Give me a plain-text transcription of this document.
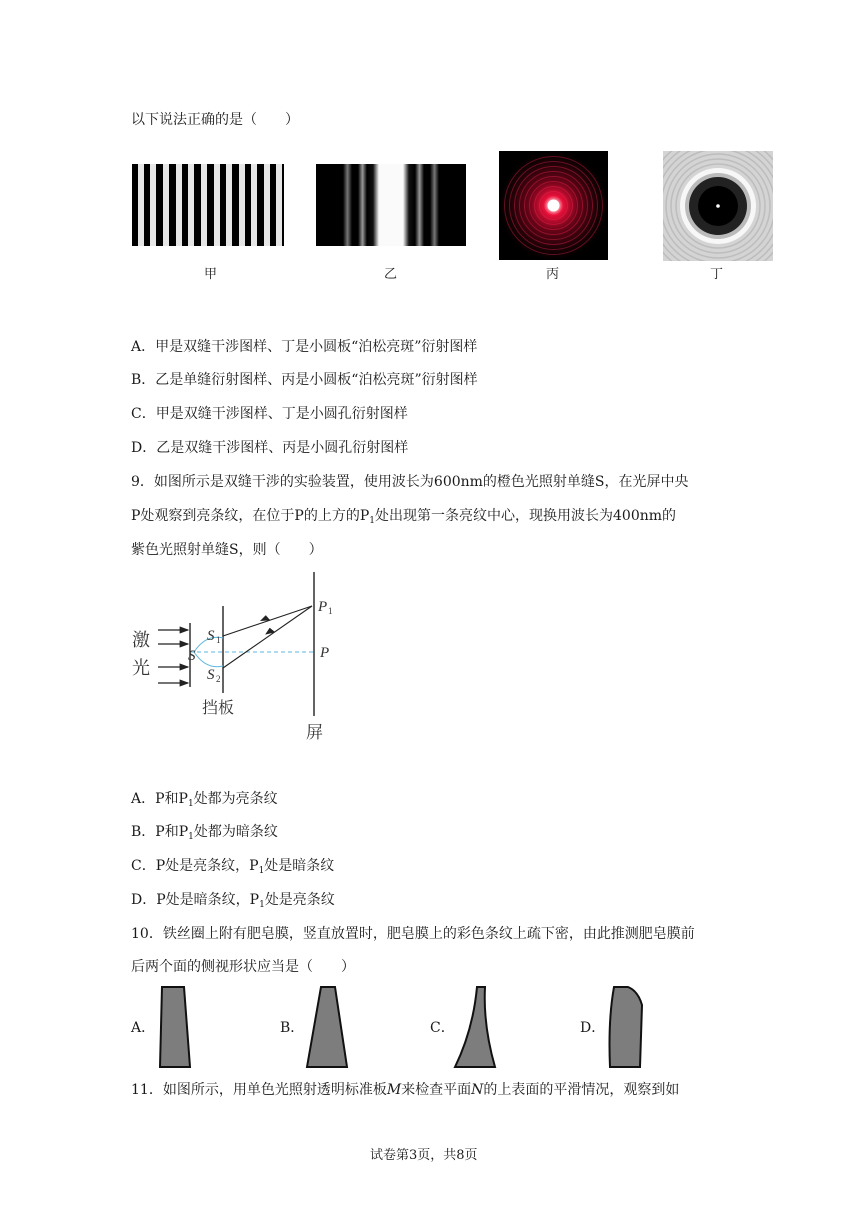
以下说法正确的是（　　）
甲	乙	丙	丁
A．甲是双缝干涉图样、丁是小圆板“泊松亮斑”衍射图样
B．乙是单缝衍射图样、丙是小圆板“泊松亮斑”衍射图样
C．甲是双缝干涉图样、丁是小圆孔衍射图样
D．乙是双缝干涉图样、丙是小圆孔衍射图样
9．如图所示是双缝干涉的实验装置，使用波长为600nm的橙色光照射单缝S，在光屏中央
P处观察到亮条纹，在位于P的上方的$P_1$处出现第一条亮纹中心，现换用波长为400nm的
紫色光照射单缝S，则（　　）
激
光
S
S 1
S 2
P 1
P
挡板
屏
A．P和$P_1$处都为亮条纹
B．P和$P_1$处都为暗条纹
C．P处是亮条纹，$P_1$处是暗条纹
D．P处是暗条纹，$P_1$处是亮条纹
10．铁丝圈上附有肥皂膜，竖直放置时，肥皂膜上的彩色条纹上疏下密，由此推测肥皂膜前
后两个面的侧视形状应当是（　　）
A．	B．	C．	D．
11．如图所示，用单色光照射透明标准板M来检查平面N的上表面的平滑情况，观察到如
试卷第3页，共8页
